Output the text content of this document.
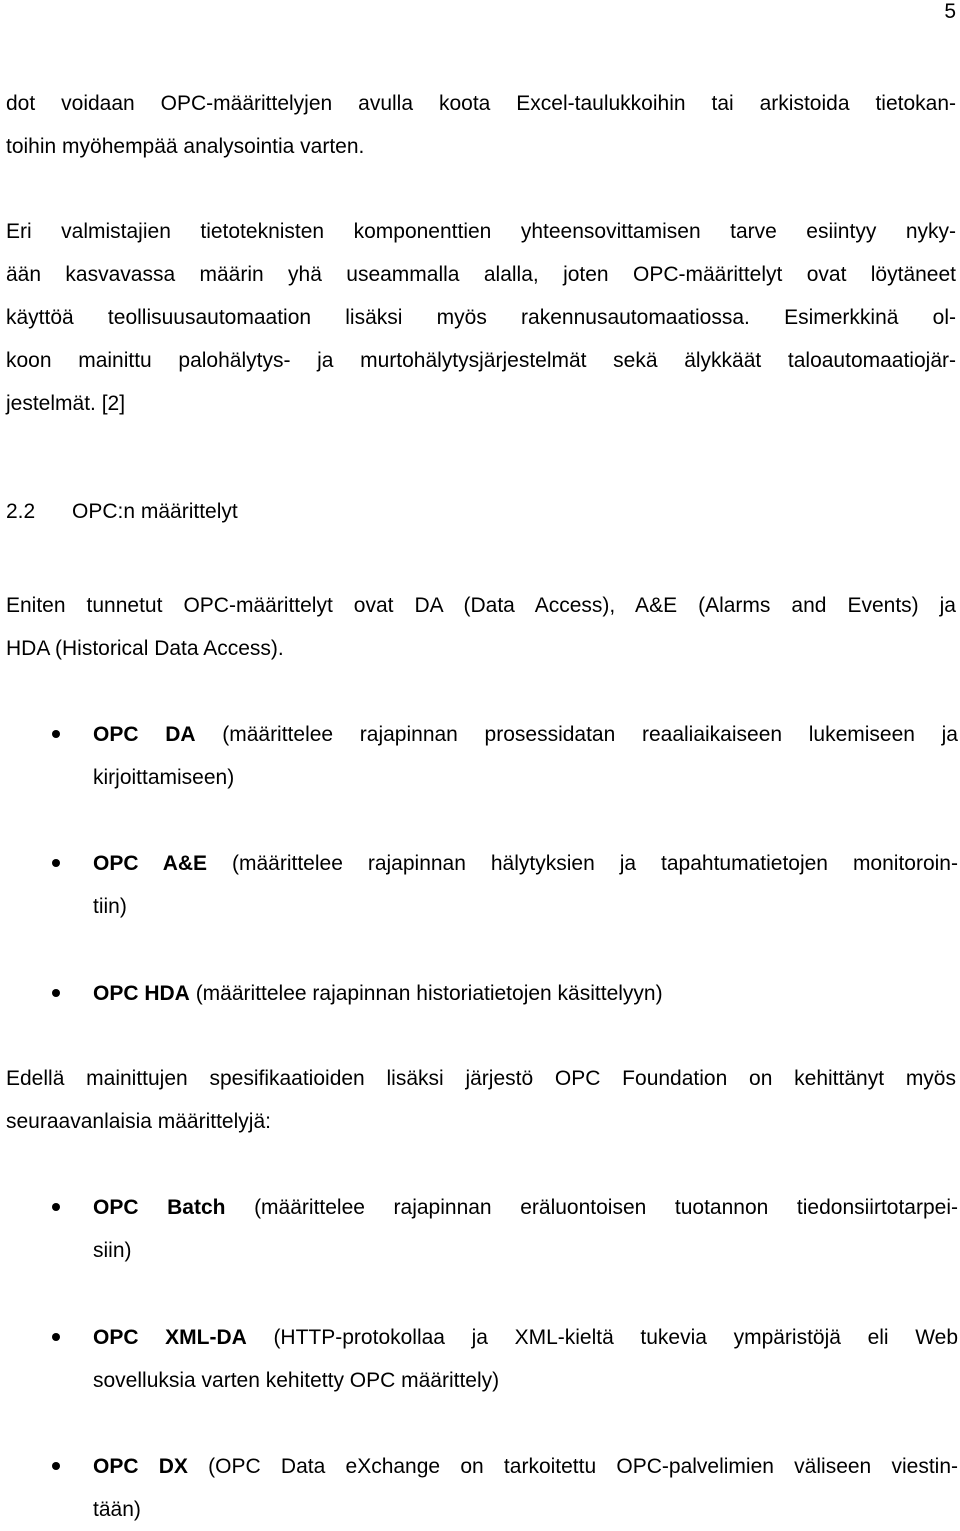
5
dot voidaan OPC-määrittelyjen avulla koota Excel-taulukkoihin tai arkistoida tietokan-
toihin myöhempää analysointia varten.
Eri valmistajien tietoteknisten komponenttien yhteensovittamisen tarve esiintyy nyky-
ään kasvavassa määrin yhä useammalla alalla, joten OPC-määrittelyt ovat löytäneet
käyttöä teollisuusautomaation lisäksi myös rakennusautomaatiossa. Esimerkkinä ol-
koon mainittu palohälytys- ja murtohälytysjärjestelmät sekä älykkäät taloautomaatiojär-
jestelmät. [2]
2.2 OPC:n määrittelyt
Eniten tunnetut OPC-määrittelyt ovat DA (Data Access), A&E (Alarms and Events) ja
HDA (Historical Data Access).
OPC DA (määrittelee rajapinnan prosessidatan reaaliaikaiseen lukemiseen ja
kirjoittamiseen)
OPC A&E (määrittelee rajapinnan hälytyksien ja tapahtumatietojen monitoroin-
tiin)
OPC HDA (määrittelee rajapinnan historiatietojen käsittelyyn)
Edellä mainittujen spesifikaatioiden lisäksi järjestö OPC Foundation on kehittänyt myös
seuraavanlaisia määrittelyjä:
OPC Batch (määrittelee rajapinnan eräluontoisen tuotannon tiedonsiirtotarpei-
siin)
OPC XML-DA (HTTP-protokollaa ja XML-kieltä tukevia ympäristöjä eli Web
sovelluksia varten kehitetty OPC määrittely)
OPC DX (OPC Data eXchange on tarkoitettu OPC-palvelimien väliseen viestin-
tään)
